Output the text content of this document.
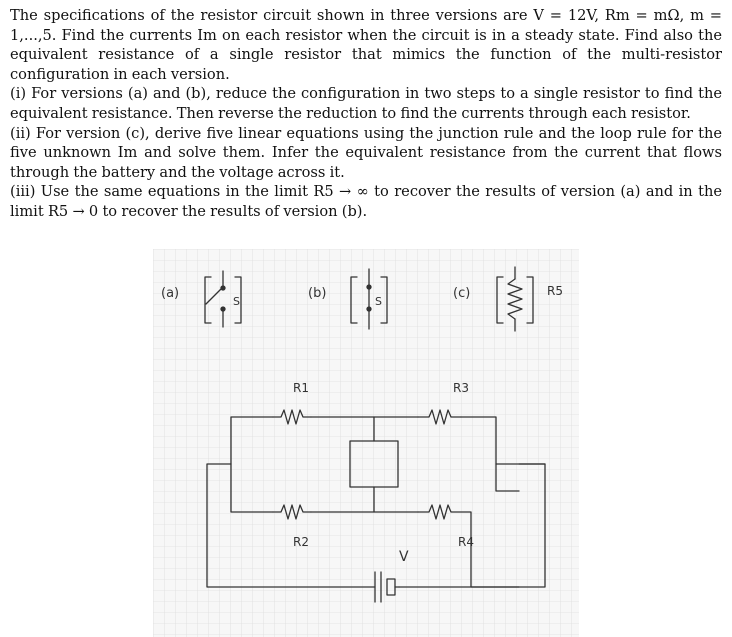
The specifications of the resistor circuit shown in three versions are V = 12V, Rm = mΩ, m = 1,...,5. Find the currents Im on each resistor when the circuit is in a steady state. Find also the equivalent resistance of a single resistor that mimics the function of the multi-resistor configuration in each version.

(i) For versions (a) and (b), reduce the configuration in two steps to a single resistor to find the equivalent resistance. Then reverse the reduction to find the currents through each resistor.

(ii) For version (c), derive five linear equations using the junction rule and the loop rule for the five unknown Im and solve them. Infer the equivalent resistance from the current that flows through the battery and the voltage across it.

(iii) Use the same equations in the limit R5 → ∞ to recover the results of version (a) and in the limit R5 → 0 to recover the results of version (b).

(a)	(b)	(c)
S	S
R5
R1	R3
R2	R4
V
